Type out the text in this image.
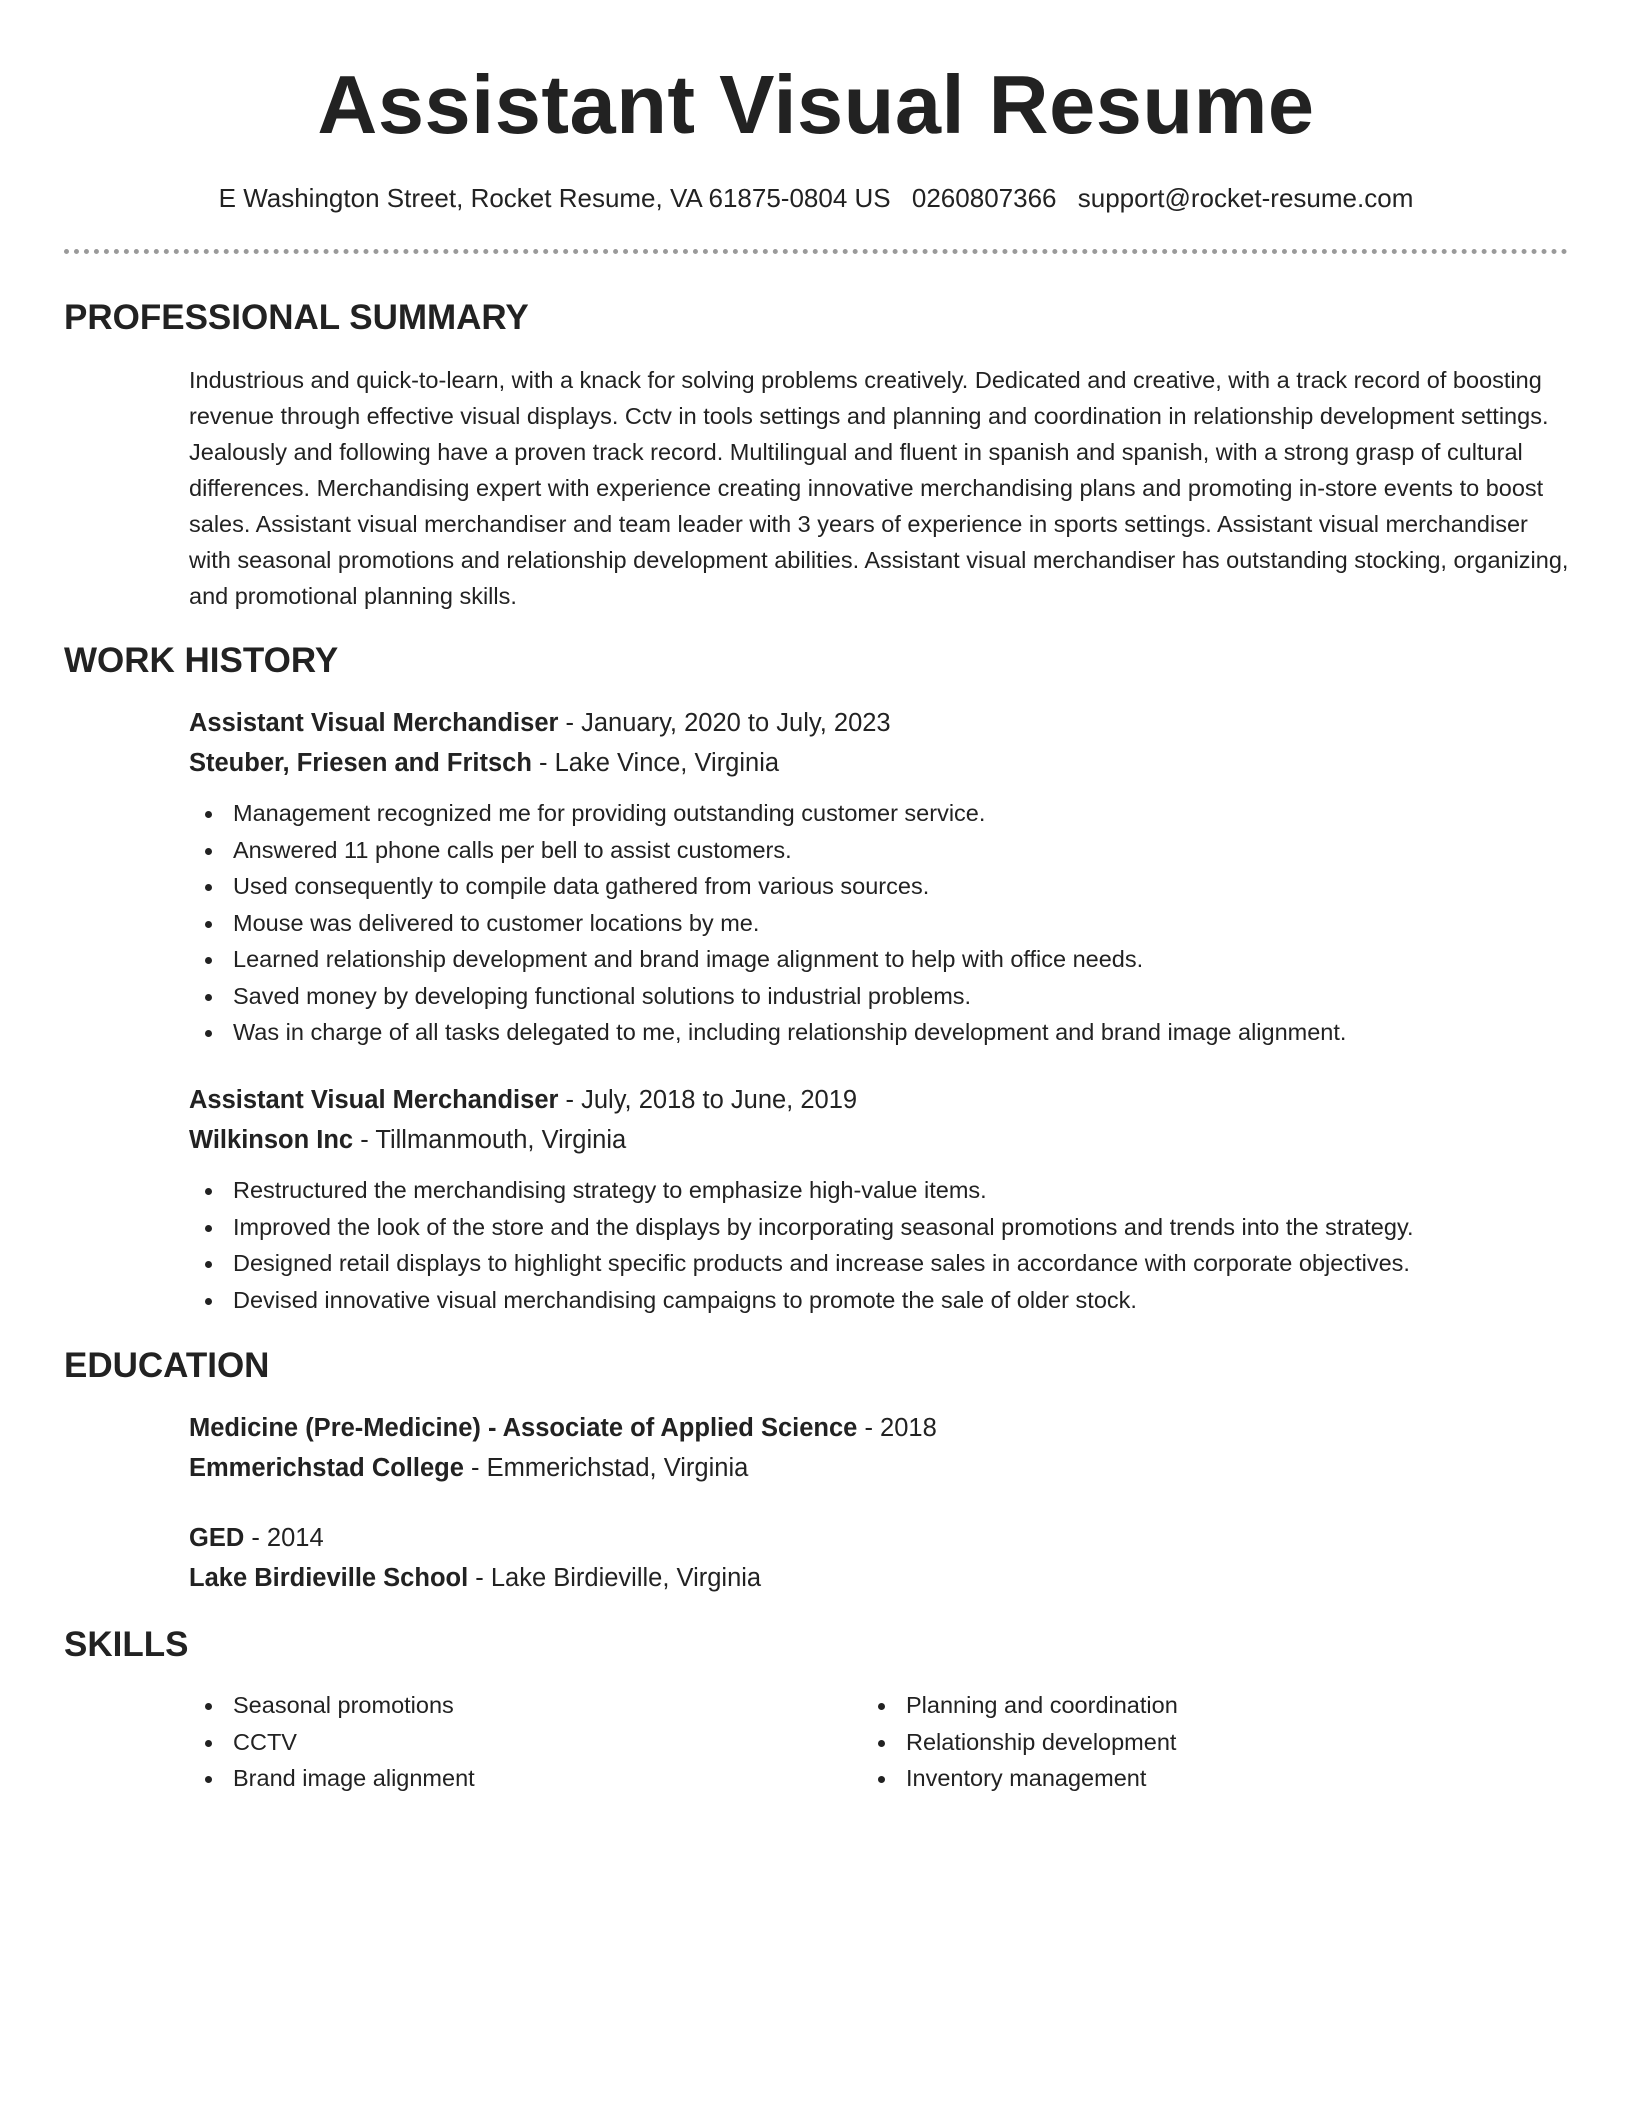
Assistant Visual Resume
E Washington Street, Rocket Resume, VA 61875-0804 US 0260807366 support@rocket-resume.com
PROFESSIONAL SUMMARY

Industrious and quick-to-learn, with a knack for solving problems creatively. Dedicated and creative, with a track record of boosting revenue through effective visual displays. Cctv in tools settings and planning and coordination in relationship development settings. Jealously and following have a proven track record. Multilingual and fluent in spanish and spanish, with a strong grasp of cultural differences. Merchandising expert with experience creating innovative merchandising plans and promoting in-store events to boost sales. Assistant visual merchandiser and team leader with 3 years of experience in sports settings. Assistant visual merchandiser with seasonal promotions and relationship development abilities. Assistant visual merchandiser has outstanding stocking, organizing, and promotional planning skills.

WORK HISTORY
Assistant Visual Merchandiser - January, 2020 to July, 2023
Steuber, Friesen and Fritsch - Lake Vince, Virginia
Management recognized me for providing outstanding customer service.
Answered 11 phone calls per bell to assist customers.
Used consequently to compile data gathered from various sources.
Mouse was delivered to customer locations by me.
Learned relationship development and brand image alignment to help with office needs.
Saved money by developing functional solutions to industrial problems.
Was in charge of all tasks delegated to me, including relationship development and brand image alignment.
Assistant Visual Merchandiser - July, 2018 to June, 2019
Wilkinson Inc - Tillmanmouth, Virginia
Restructured the merchandising strategy to emphasize high-value items.
Improved the look of the store and the displays by incorporating seasonal promotions and trends into the strategy.
Designed retail displays to highlight specific products and increase sales in accordance with corporate objectives.
Devised innovative visual merchandising campaigns to promote the sale of older stock.
EDUCATION
Medicine (Pre-Medicine) - Associate of Applied Science - 2018
Emmerichstad College - Emmerichstad, Virginia
GED - 2014
Lake Birdieville School - Lake Birdieville, Virginia
SKILLS
Seasonal promotions
CCTV
Brand image alignment
Planning and coordination
Relationship development
Inventory management
